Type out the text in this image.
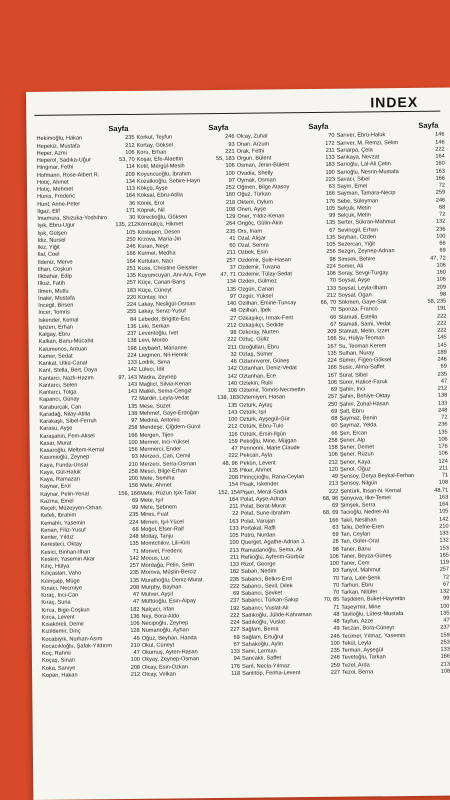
INDEX
Sayfa
Hekimoğlu, Hakan	235
Hepekiz, Mustafa	212
Heper, Azmi	106
Heperol, Sadıka-Uğur	53, 70
Hingınar, Fethi	114
Hofmann, Rose-Albert R.	209
Hotiç, Ahmet	134
Hotiç, Mehmet	113
Hunis, Frederic	164
Hunt, Anne-Peter	36
Ilgaz, Elif	171
Imamura, Shizuka-Yoshihiro	30
Işık, Ebru-Ugur	135, 212
Işık, Gülşen	105
Idiz, Nursel	250
Ikiz, Yiğit	246
Ilal, Coel	166
Ildeniz, Merve	164
Ilhan, Coşkun	251
Ilkbahar, Edip	135
Ilkuz, Fatih	257
Ilmen, Mutlu	183
Inaler, Mustafa	220
Incegil, Birsen	224
Incer, Tomris	255
Iskender, Kemal	84
Işözen, Erhan	136
Kalgay, Ebru	237
Kalkan, Banu-Mücahit	138
Kalumenos, Antuan	198
Kamer, Sedat	224
Kankat, Ulkü-Canal	133
Kant, Stella, Bert, Daya	142
Kantarcı, Nazlı-Hazım	97, 143
Kantarcı, Selen	143
Kantarcı, Tolga	143
Kapancı, Günay	72
Karaburçak, Can	135
Karadağ, Nilay-Atilla	138
Karakaşlı, Sibel-Ferruh	97
Karasu, Ayşe	258
Karaşahin, Fem-Aksel	166
Kasar, Murat	100
Kasaroğlu, Meltem-Kemal	156
Kasımioğlu, Zeynep	93
Kaya, Funda-Unsal	210
Kaya, Gül-Haluk	258
Kaya, Ramazan	200
Kaynar, Erol	156
Kaynar, Pelin-Yenal	156, 166
Kazma, Emel	69
Keçeli, Müzeyyen-Orhan	99
Kefeli, İbrahim	235
Kemahlı, Yasemin	224
Kenan, Filiz-Yusuf	68
Kenter, Yıldız	248
Keresteci, Oktay	135
Kesici, Binhan-İlhan	71
Keskin, Yasemin Akar	142
Kılıç, Hülya	257
Kılıçaslan, Vaho	235
Kılınçalp, Müge	135
Kınacı, Necmiye	208
Kıraç, İnci-Can	47
Kıraç, Suna	47
Kırca, Bige-Coşkun	182
Kırca, Levent	136
Kısaköreli, Demir	106
Kızıldemir, Dinç	128
Kocabıyık, Nurhan-Asım	46
Kocacıkloğlu, Şafak-Yıldırım	210
Koç, Rahmi	47
Koçaş, Sinan	100
Koka, Sanıye	208
Kopan, Hakan	212
Sayfa
Korkut, Teyfun	246
Kortay, Göksel	93
Koru, Erhan	221
Koşar, Efe-Alaettin	55, 183
Kotil, Mergül-Mesih	106
Koyuncuoğlu, İbrahim	100
Kozalkıoğlu, Sebire-Hayri	97
Kökçü, Ayşe	252
Köksal, Ebru-Atilla	160
Könik, Erol	218
Köprek, Nil	108
Köreclioğlu, Göksen	129
Körmükçü, Hikmet	264
Köstepen, Desen	235
Krzova, Maria-Jiri	41
Kuran, Neşe	60
Kurmel, Medha	211
Kurtulan, Naci	257
Kuss, Christine Geissler	37
Kuyumcuyan, Ani-Ara, Frye	47, 71
Küçe, Canan-Barış	134
Küçe, Cüneyt	135
Küntay, İnci	97
Lakay, Nesligül-Osman	140
Lakay, Seniz-Yusuf	48
Lebedel, Brigitte-Eric	27
Leki, Serkan	212
Leventoğlu, İvet	98
Levi, Mordo	222
Leybaert, Marianne	211
Liegmen, Nil-Henrik	32
Lodrik, Sima	46
Lülecı, İdil	142
Madra, Zeynep	142
Mağlıcl, Silvia-Kenan	140
Malikli, Sema-Cengiz	106
Mardin, Leyla-Vedat	138, 183
Mese, Süzet	135
Mehmet, Gaye-Erdoğan	143
Medina, Antonio	100
Mendeşe, Çiğdem-Gürol	212
Mergen, Tijen	116
Mermer, İnci-Yüksel	159
Mermerci, Ender	47
Merzeci, Can, Cemil	222
Merzeci, Serra-Osman	48, 96
Mesci, Bilge-Erhan	135
Mete, Semiha	208
Mete, Ahmet	154
Mete, Rüzun Işık-Talat	152, 154
Mete, Işıl	164
Mete, Şebnem	211
Mires, Fuat	22
Mirrien, Işıl-Yücel	163
Moğol, Efser-Raif	133
Moltay, Tanju	105
Momtchilov, Lili-Kiril	100
Monvel, Frederic	213
Moous, Luc	211
Mordağa, Pelin, Selin	133
Morova, Müşlin-Berciz	182
Muratlıoğlu, Deniz-Murat	235
Murphy, Bayhan	222
Mutver, Ayşıl	69
Müftüoğlu, Esin-Alpay	237
Nalçacı, İrfan	192
Neji, Bora-Aldo	222
Necipoğlu, Zeynep	224
Numanoğlu, Ayhan	227
Oğuz, Beyhan, Handa	69
Okul, Cüneyt	67
Okumuş, Ayten-Hasan	133
Okyay, Zeynep-Osman	94
Olcay, Esin-Ozkan	176
Olcay, Volkan	118
Sayfa
Olcay, Zuhal	70
Onan, Arzum	172
Orak, Fethi	211
Orgun, Bülent	133
Osman, Jenin-Bülent	183
Ovadia, Shelly	190
Oymak, Osman	223
Öğmen, Bilge Atasoy	63
Oğuz, Türkan	166
Öktem, Oylum	176
Önen, Ayşe	105
Öner, Yıldız-Kenan	99
Öngöç, Gülin-Akin	135
Örs, İnam	67
Özal, Alişar	135
Özal, Semra	105
Özbek, Esin	256
Özdemir, Şule-Hasan	98
Özdemir, Tuvana	224
Özdemir, Tülay-Sedat	106
Özden, Gülmez	70
Özgün, Canan	133
Özgür, Yüksel	212
Özilhan, Emine-Tuncay	66, 70
Özilhan, İpek	70
Özkaşıkçı, İrmak-Ferit	66
Özkaşıkçı, Sedide	67
Özkoray, Nurten	209
Öztuç, Güliz	166
Özoğulları, Ebru	167
Öztaş, Sümer	135
Öztanrıverer, Güneş	224
Öztanhan, Deniz-Vedat	166
Öztanhan, Ece	167
Öztekin, Ruhi	106
Öztemir, Tomris-Necmettin	69
Öztemiyeri, Hasan	257
Öztürk, Aytaç	250
Öztürk, Işıl	69
Öztürk, Ayşegül-Gür	68
Öztürk, Ebru-Tulo	60
Öztürk, Ersin-İlgün	66
Pekoğlu, Mine, Müjgan	258
Pennonni, Marie Claude	158
Pekcan, Ayla	106
Pekün, Levent	212
Piker, Ahmet	120
Pirinççioğlu, Rana-Ceylan	49
Pisak, İskender	213
Pişen, Meral-Sadık	222
Polat, Ayşe-Adnan	68, 96
Polat, Berat-Murat	69
Polat, Sune-İbrahim	68, 69
Polat, Varujan	166
Portakal, Raffi	63
Pütrü, Nurdan	69
Querget, Agathe-Adrian J.	28
Ramadanoğlu, Sema, Ali	98
Refiioğlu, Ayferim-Gürbüz	106
Rizof, George	100
Saban, Nedim	93
Sabancı, Belkıs-Erol	70
Sabancı, Sevil, Dilek	70
Sabancı, Şevket	70
Sabancı, Türkan-Sakıp	70, 85
Sabancı, Vuslat-Ali	71
Sadıkoğlu, Jülide-Kahraman	48
Sadıkoğlu, Vuslat	48
Sağlam, Berna	49
Sağlam, Ertuğrul	246
Sahakoğlu, Aylin	100
Sami, Lerman	235
Sancaklı, Saffet	246
Sarıl, Necla-Yılmaz	259
Sanlıtop, Feriha-Levent	227
Sayfa
Sarıver, Ebru-Haluk	146
Sarıver, M. Remzi, Selim	146
Sarıarpa, Çela	222
Sarıkaya, Nevzat	164
Sarıoğlu, Lal-Ali Çetin	160
Sarıoğlu, Nesrin-Mustafa	163
Savacı, Sibel	166
Sayın, Emel	72
Sayman, Tamara-Necip	259
Sebe, Süleyman	246
Selçuk, Metin	68
Selçuk, Metin	72
Serter, Sükran-Mahmut	132
Sevinçgil, Erhan	236
Seyhan, Özden	100
Sezercan, Yiğit	66
Sezgin, Zeynep-Adnan	69
Simsek, Behire	47, 72
Somer, Ali	106
Soray, Sevgi-Turgay	160
Soysal, Ayşe	106
Soysal, Leyla-İlham	209
Soysal, Ogan	98
Sökmen, Gaye-Sait	58, 235
Sponza, Franco	191
Stamati, Estella	222
Stamati, Sami, Vedat	222
Stamati, Metin, İzzet	222
Su, Hülya-Teoman	145
Su, Teoman Kerem	145
Sulhan, Nuray	189
Sümer, Figen-Göksel	246
Susic, Alma-Saffet	69
Süral, Sibel	235
Sürer, Hatice-Faruk	47
Şahin, İnci	212
Şahin, Behiye-Oktay	138
Şahin, Zuhal-Hasan	133
Şalt, Ebru	248
Şaymaz, Benin	72
Şaymaz, Yelda	236
Şen, Ercan	135
Şener, Alp	106
Şener, Demet	176
Şener, Rüzun	106
Şener, Kaya	124
Şenol, Oğuz	211
Şensoy, Derya Beykal-Ferhan	71
Şensoy, Nilgün	108
Şentürk, İhsan-N. Kemal	48,71
Şenyuva, İlke-Temel	163
Şimşek, Serra	164
Tacioğlu, Nedret-Ali	105
Takil, Neslihan	142
Taliu, Defne-Eren	210
Tan, Ceylan	133
Tan, Güler-Oral	132
Taner, Banu	153
Taner, Beyza-Güneş	165
Taner, Cem	119
Tanyol, Mahmut	257
Tara, Lale-Şenk	72
Tarhun, Ebru	67
Tarkan, Nilüfer	132
Taşdelen, Buket-Hayrettin	99
Taşeyrmir, Mine	100
Tavlioğlu, Lütest-Mustafa	135
Tayfun, Azze	47
Teczan, Bora-Cüneyt	237
Tecimer, Yılmaz, Yasemin	159
Tekül, Leyla	253
Terman, Ayşegül	133
Tevetoğlu, Tarkan	166
Tezel, Arda	213
Tezol, Berna	108
